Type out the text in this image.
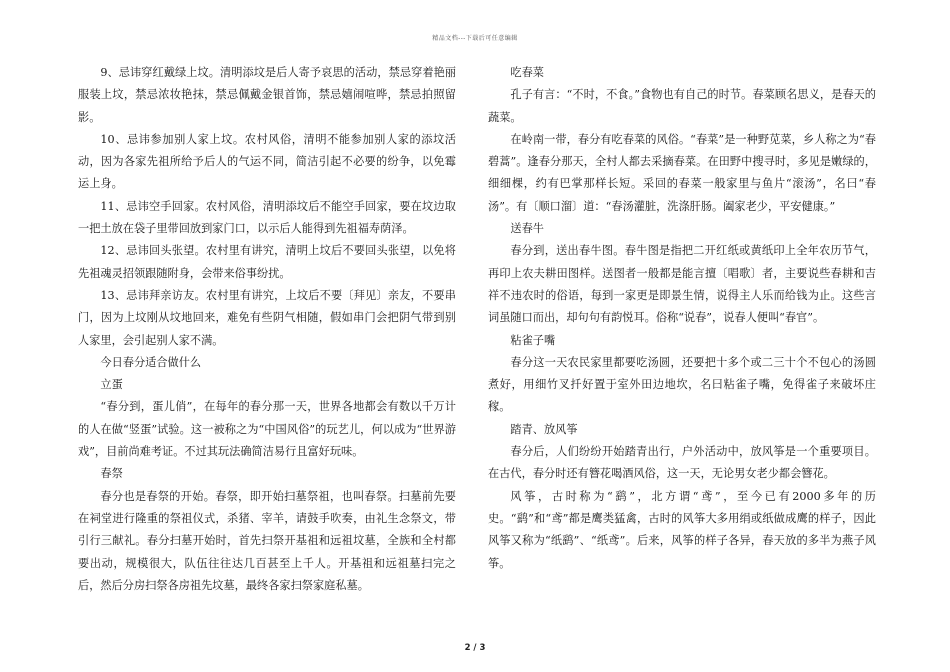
精品文档---下载后可任意编辑

9、忌讳穿红戴绿上坟。清明添坟是后人寄予哀思的活动，禁忌穿着艳丽服装上坟，禁忌浓妆艳抹，禁忌佩戴金银首饰，禁忌嬉闹喧哗，禁忌拍照留影。

10、忌讳参加别人家上坟。农村风俗，清明不能参加别人家的添坟活动，因为各家先祖所给予后人的气运不同，简洁引起不必要的纷争，以免霉运上身。

11、忌讳空手回家。农村风俗，清明添坟后不能空手回家，要在坟边取一把土放在袋子里带回放到家门口，以示后人能得到先祖福寿荫泽。

12、忌讳回头张望。农村里有讲究，清明上坟后不要回头张望，以免将先祖魂灵招领跟随附身，会带来俗事纷扰。

13、忌讳拜亲访友。农村里有讲究，上坟后不要〔拜见〕亲友，不要串门，因为上坟刚从坟地回来，难免有些阴气相随，假如串门会把阴气带到别人家里，会引起别人家不满。

今日春分适合做什么

立蛋

“春分到，蛋儿俏”，在每年的春分那一天，世界各地都会有数以千万计的人在做“竖蛋”试验。这一被称之为“中国风俗”的玩艺儿，何以成为“世界游戏”，目前尚难考证。不过其玩法确简洁易行且富好玩味。

春祭

春分也是春祭的开始。春祭，即开始扫墓祭祖，也叫春祭。扫墓前先要在祠堂进行隆重的祭祖仪式，杀猪、宰羊，请鼓手吹奏，由礼生念祭文，带引行三献礼。春分扫墓开始时，首先扫祭开基祖和远祖坟墓，全族和全村都要出动，规模很大，队伍往往达几百甚至上千人。开基祖和远祖墓扫完之后，然后分房扫祭各房祖先坟墓，最终各家扫祭家庭私墓。

吃春菜

孔子有言：“不时，不食。”食物也有自己的时节。春菜顾名思义，是春天的蔬菜。

在岭南一带，春分有吃春菜的风俗。“春菜”是一种野苋菜，乡人称之为“春碧蒿”。逢春分那天，全村人都去采摘春菜。在田野中搜寻时，多见是嫩绿的，细细棵，约有巴掌那样长短。采回的春菜一般家里与鱼片“滚汤”，名曰“春汤”。有〔顺口溜〕道：“春汤灌脏，洗涤肝肠。阖家老少，平安健康。”

送春牛

春分到，送出春牛图。春牛图是指把二开红纸或黄纸印上全年农历节气，再印上农夫耕田图样。送图者一般都是能言擅〔唱歌〕者，主要说些春耕和吉祥不违农时的俗语，每到一家更是即景生情，说得主人乐而给钱为止。这些言词虽随口而出，却句句有韵悦耳。俗称“说春”，说春人便叫“春官”。

粘雀子嘴

春分这一天农民家里都要吃汤圆，还要把十多个或二三十个不包心的汤圆煮好，用细竹叉扦好置于室外田边地坎，名曰粘雀子嘴，免得雀子来破坏庄稼。

踏青、放风筝

春分后，人们纷纷开始踏青出行，户外活动中，放风筝是一个重要项目。在古代，春分时还有簪花喝酒风俗，这一天，无论男女老少都会簪花。

风筝，古时称为“鹞”，北方谓“鸢”，至今已有2000多年的历史。“鹞”和“鸢”都是鹰类猛禽，古时的风筝大多用绢或纸做成鹰的样子，因此风筝又称为“纸鹞”、“纸鸢”。后来，风筝的样子各异，春天放的多半为燕子风筝。

2 / 3
